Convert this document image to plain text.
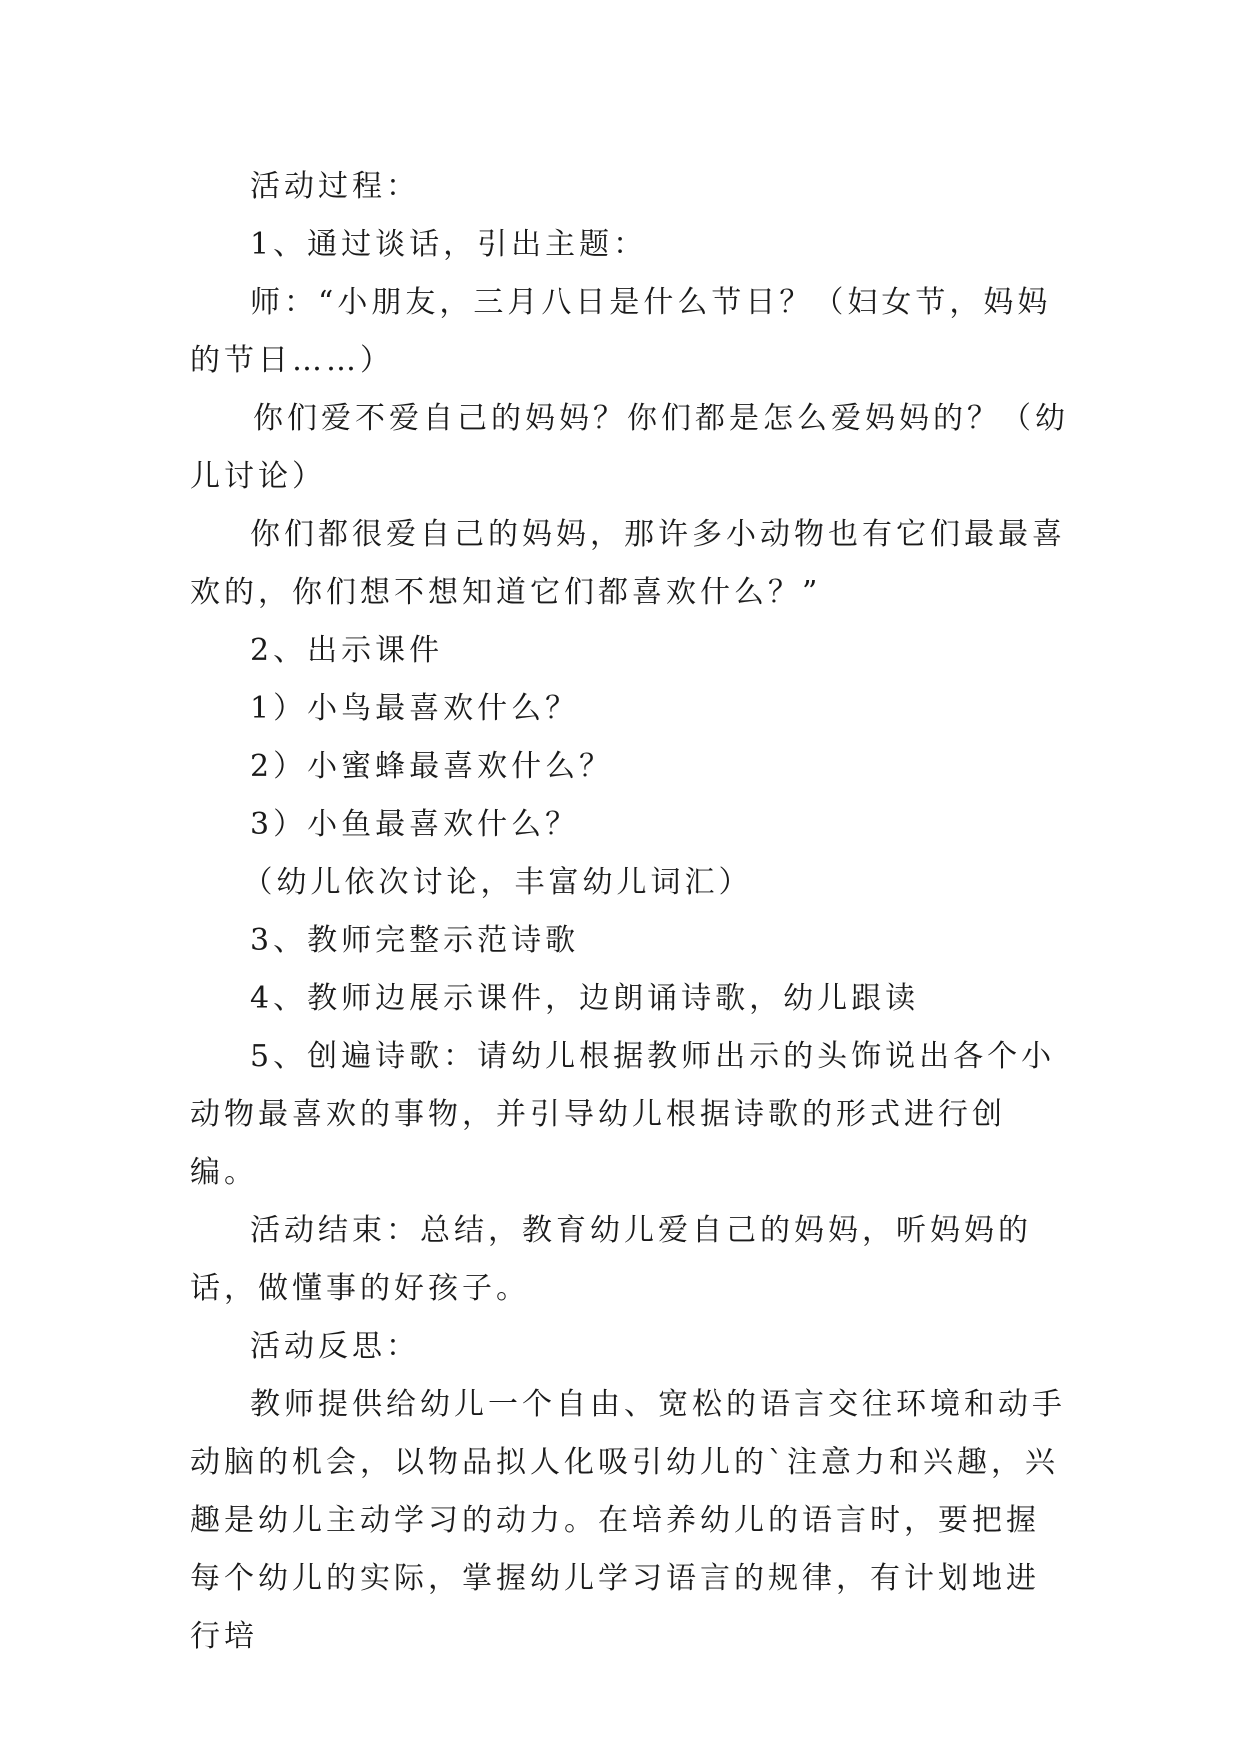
活动过程：

1、通过谈话，引出主题：

师：“小朋友，三月八日是什么节日？（妇女节，妈妈的节日……）

你们爱不爱自己的妈妈？你们都是怎么爱妈妈的？（幼儿讨论）

你们都很爱自己的妈妈，那许多小动物也有它们最最喜欢的，你们想不想知道它们都喜欢什么？”

2、出示课件

1）小鸟最喜欢什么？

2）小蜜蜂最喜欢什么？

3）小鱼最喜欢什么？

（幼儿依次讨论，丰富幼儿词汇）

3、教师完整示范诗歌

4、教师边展示课件，边朗诵诗歌，幼儿跟读

5、创遍诗歌：请幼儿根据教师出示的头饰说出各个小动物最喜欢的事物，并引导幼儿根据诗歌的形式进行创编。

活动结束：总结，教育幼儿爱自己的妈妈，听妈妈的话，做懂事的好孩子。

活动反思：

教师提供给幼儿一个自由、宽松的语言交往环境和动手动脑的机会，以物品拟人化吸引幼儿的`注意力和兴趣，兴趣是幼儿主动学习的动力。在培养幼儿的语言时，要把握每个幼儿的实际，掌握幼儿学习语言的规律，有计划地进行培
